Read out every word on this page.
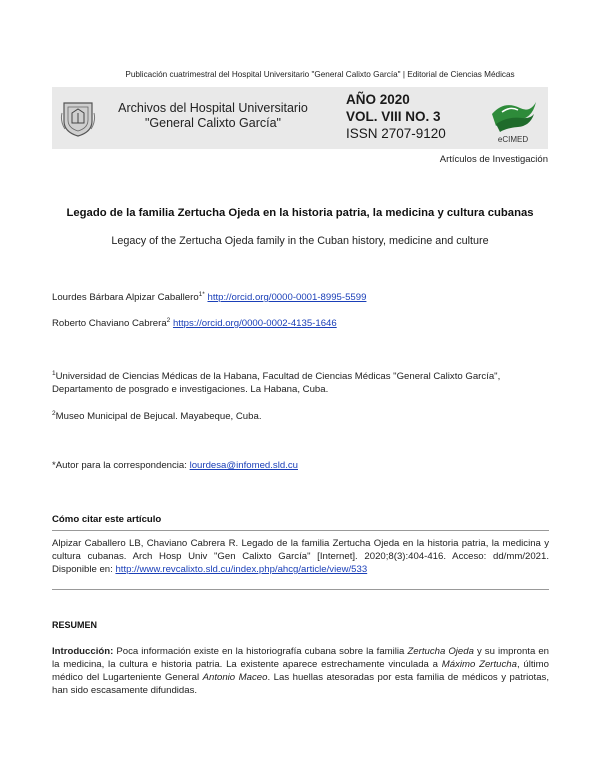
Publicación cuatrimestral del Hospital Universitario "General Calixto García" | Editorial de Ciencias Médicas
Archivos del Hospital Universitario
"General Calixto García"
AÑO 2020
VOL. VIII NO. 3
ISSN 2707-9120	eCIMED
Artículos de Investigación
Legado de la familia Zertucha Ojeda en la historia patria, la medicina y cultura cubanas
Legacy of the Zertucha Ojeda family in the Cuban history, medicine and culture
Lourdes Bárbara Alpizar Caballero$^{1*}$ http://orcid.org/0000-0001-8995-5599
Roberto Chaviano Cabrera$^2$ https://orcid.org/0000-0002-4135-1646
$^1$Universidad de Ciencias Médicas de la Habana, Facultad de Ciencias Médicas "General Calixto García", Departamento de posgrado e investigaciones. La Habana, Cuba.
$^2$Museo Municipal de Bejucal. Mayabeque, Cuba.
*Autor para la correspondencia: lourdesa@infomed.sld.cu
Cómo citar este artículo
Alpizar Caballero LB, Chaviano Cabrera R. Legado de la familia Zertucha Ojeda en la historia patria, la medicina y cultura cubanas. Arch Hosp Univ "Gen Calixto García" [Internet]. 2020;8(3):404-416. Acceso: dd/mm/2021. Disponible en: http://www.revcalixto.sld.cu/index.php/ahcg/article/view/533
RESUMEN
Introducción: Poca información existe en la historiografía cubana sobre la familia Zertucha Ojeda y su impronta en la medicina, la cultura e historia patria. La existente aparece estrechamente vinculada a Máximo Zertucha, último médico del Lugarteniente General Antonio Maceo. Las huellas atesoradas por esta familia de médicos y patriotas, han sido escasamente difundidas.
